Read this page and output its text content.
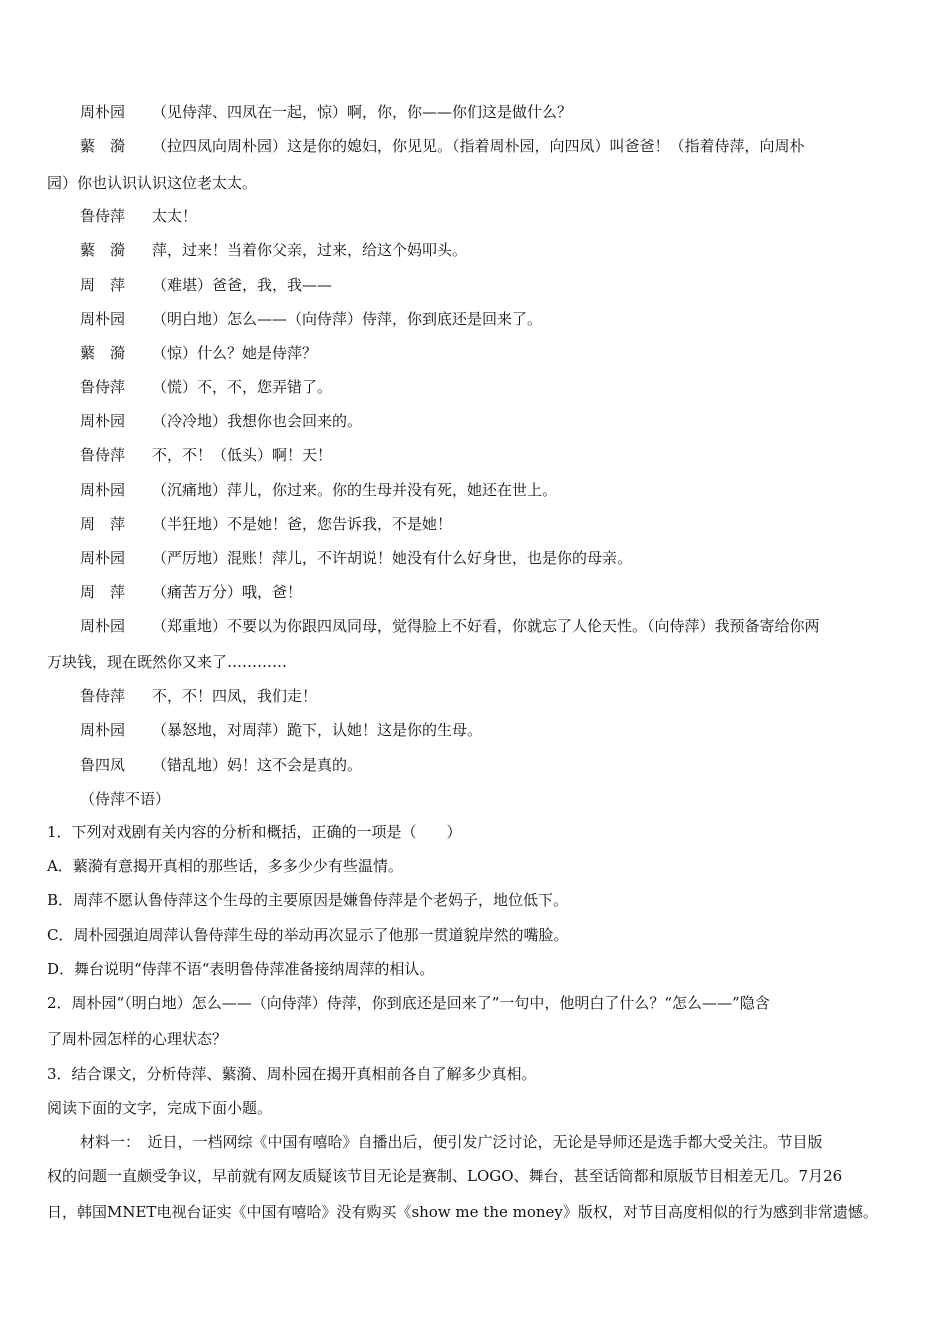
周朴园	（见侍萍、四凤在一起，惊）啊，你，你——你们这是做什么？
蘩　漪	（拉四凤向周朴园）这是你的媳妇，你见见。（指着周朴园，向四凤）叫爸爸！（指着侍萍，向周朴
园）你也认识认识这位老太太。
鲁侍萍	太太！
蘩　漪	萍，过来！当着你父亲，过来，给这个妈叩头。
周　萍	（难堪）爸爸，我，我——
周朴园	（明白地）怎么——（向侍萍）侍萍，你到底还是回来了。
蘩　漪	（惊）什么？她是侍萍？
鲁侍萍	（慌）不，不，您弄错了。
周朴园	（冷冷地）我想你也会回来的。
鲁侍萍	不，不！（低头）啊！天！
周朴园	（沉痛地）萍儿，你过来。你的生母并没有死，她还在世上。
周　萍	（半狂地）不是她！爸，您告诉我，不是她！
周朴园	（严厉地）混账！萍儿，不许胡说！她没有什么好身世，也是你的母亲。
周　萍	（痛苦万分）哦，爸！
周朴园	（郑重地）不要以为你跟四凤同母，觉得脸上不好看，你就忘了人伦天性。（向侍萍）我预备寄给你两
万块钱，现在既然你又来了…………
鲁侍萍	不，不！四凤，我们走！
周朴园	（暴怒地，对周萍）跪下，认她！这是你的生母。
鲁四凤	（错乱地）妈！这不会是真的。
（侍萍不语）
1．下列对戏剧有关内容的分析和概括，正确的一项是（　　）
A．蘩漪有意揭开真相的那些话，多多少少有些温情。
B．周萍不愿认鲁侍萍这个生母的主要原因是嫌鲁侍萍是个老妈子，地位低下。
C．周朴园强迫周萍认鲁侍萍生母的举动再次显示了他那一贯道貌岸然的嘴脸。
D．舞台说明“侍萍不语“表明鲁侍萍准备接纳周萍的相认。
2．周朴园“（明白地）怎么——（向侍萍）侍萍，你到底还是回来了”一句中，他明白了什么？“怎么——”隐含
了周朴园怎样的心理状态？
3．结合课文，分析侍萍、蘩漪、周朴园在揭开真相前各自了解多少真相。
阅读下面的文字，完成下面小题。
材料一：　近日，一档网综《中国有嘻哈》自播出后，便引发广泛讨论，无论是导师还是选手都大受关注。节目版
权的问题一直颇受争议，早前就有网友质疑该节目无论是赛制、LOGO、舞台，甚至话筒都和原版节目相差无几。7月26
日，韩国MNET电视台证实《中国有嘻哈》没有购买《show me the money》版权，对节目高度相似的行为感到非常遗憾。
